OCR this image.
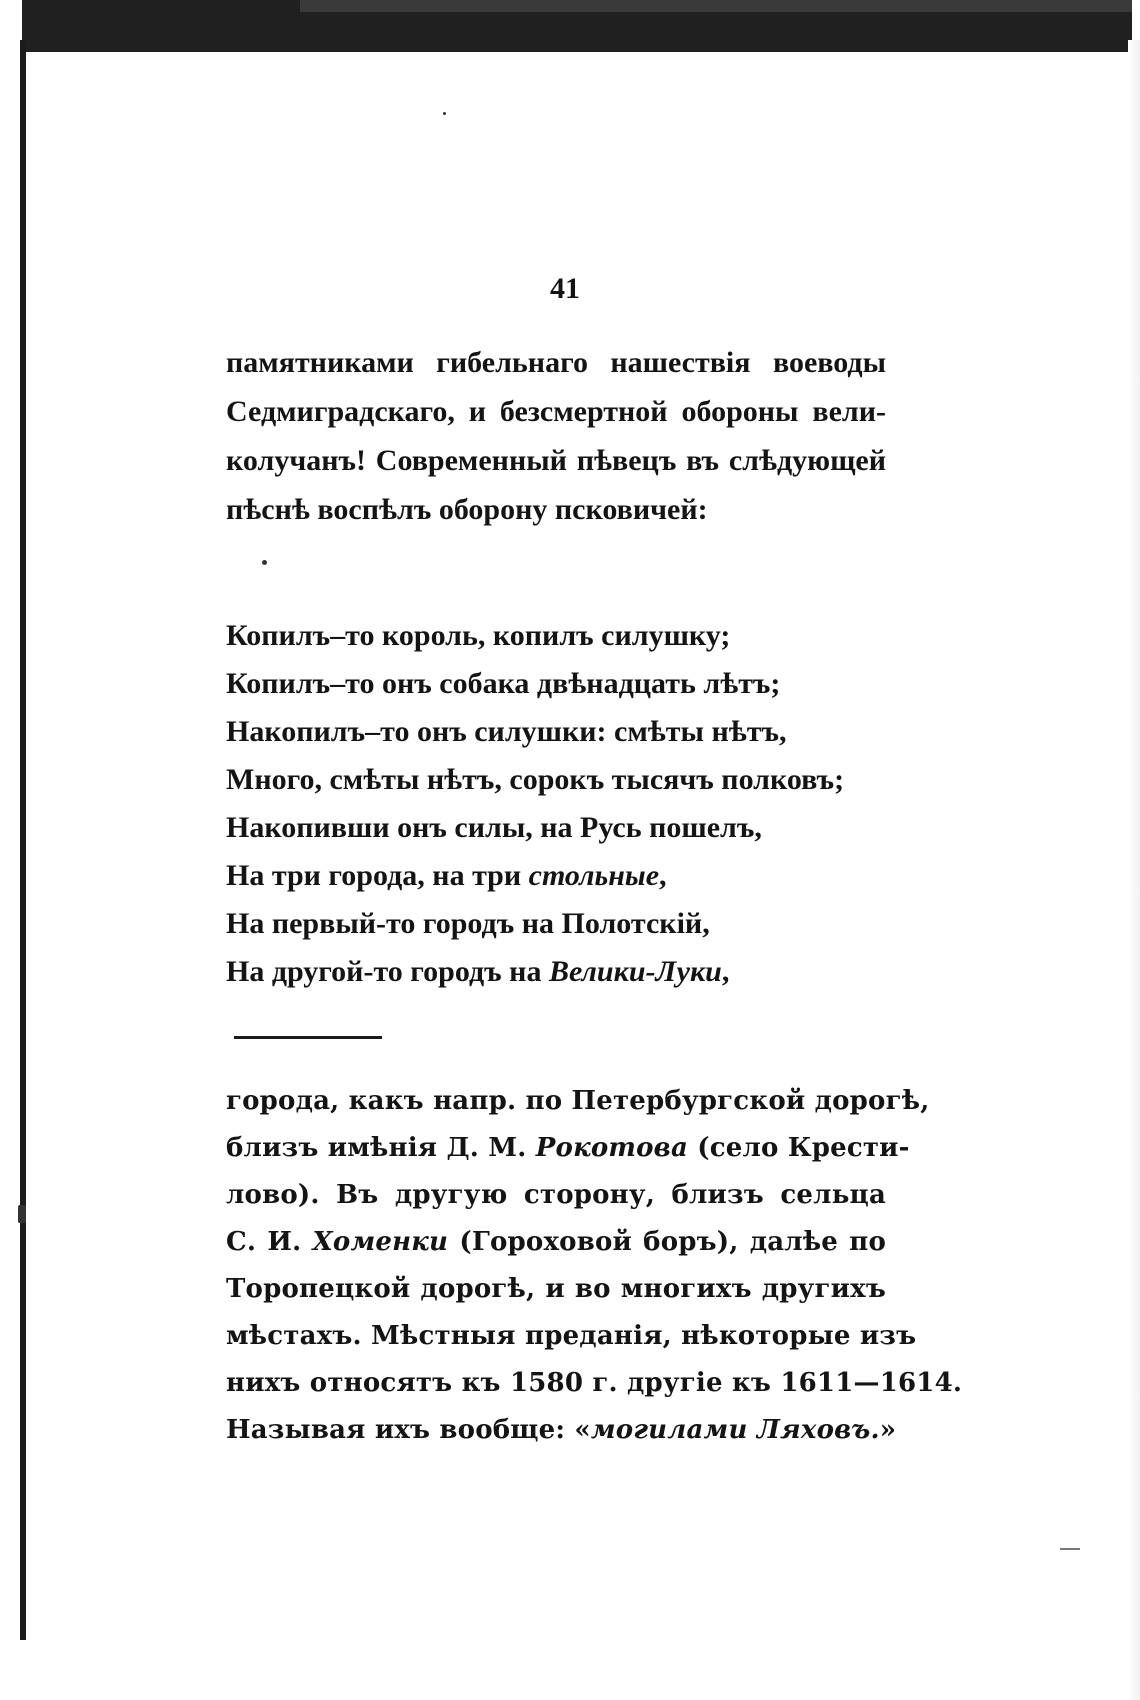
41
памятниками гибельнаго нашествія воеводы
Седмиградскаго, и безсмертной обороны вели-
колучанъ! Современный пѣвецъ въ слѣдующей
пѣснѣ воспѣлъ оборону псковичей:
Копилъ–то король, копилъ силушку;
Копилъ–то онъ собака двѣнадцать лѣтъ;
Накопилъ–то онъ силушки: смѣты нѣтъ,
Много, смѣты нѣтъ, сорокъ тысячъ полковъ;
Накопивши онъ силы, на Русь пошелъ,
На три города, на три стольные,
На первый-то городъ на Полотскій,
На другой-то городъ на Велики-Луки,
города, какъ напр. по Петербургской дорогѣ,
близъ имѣнія Д. М. Рокотова (село Крести-
лово). Въ другую сторону, близъ сельца
С. И. Хоменки (Гороховой боръ), далѣе по
Торопецкой дорогѣ, и во многихъ другихъ
мѣстахъ. Мѣстныя преданія, нѣкоторые изъ
нихъ относятъ къ 1580 г. другіе къ 1611—1614.
Называя ихъ вообще: «могилами Ляховъ.»
